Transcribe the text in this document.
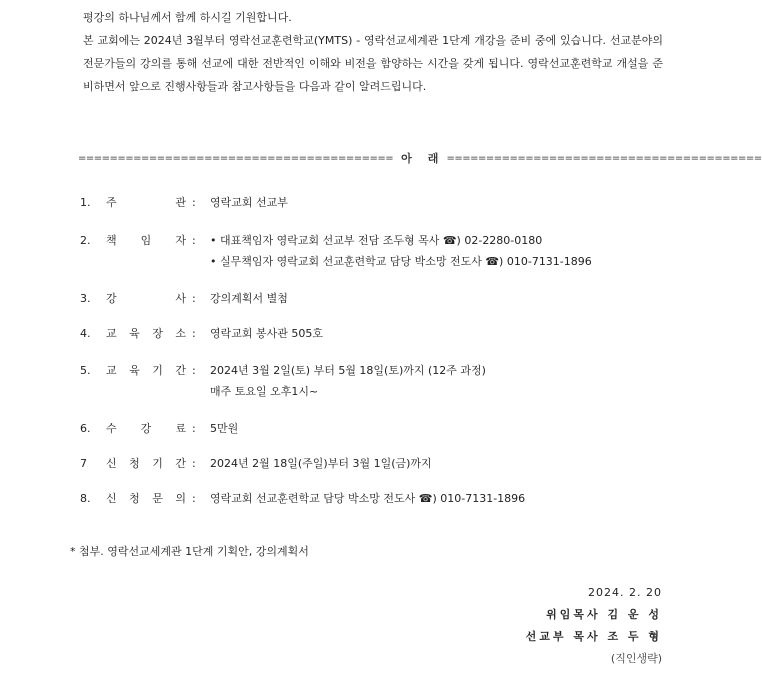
평강의 하나님께서 함께 하시길 기원합니다.

본 교회에는 2024년 3월부터 영락선교훈련학교(YMTS) - 영락선교세계관 1단계 개강을 준비 중에 있습니다. 선교분야의 전문가들의 강의를 통해 선교에 대한 전반적인 이해와 비전을 함양하는 시간을 갖게 됩니다. 영락선교훈련학교 개설을 준비하면서 앞으로 진행사항들과 참고사항들을 다음과 같이 알려드립니다.

======================================== 아 래 ========================================
1.	주	관 :	영락교회 선교부
2.	책 임 자 :	• 대표책임자 영락교회 선교부 전담 조두형 목사 ☎) 02-2280-0180
• 실무책임자 영락교회 선교훈련학교 담당 박소망 전도사 ☎) 010-7131-1896
3.	강	사 :	강의계획서 별첨
4.	교 육 장 소 :	영락교회 봉사관 505호
5.	교 육 기 간 :	2024년 3월 2일(토) 부터 5월 18일(토)까지 (12주 과정)
매주 토요일 오후1시~
6.	수 강 료 :	5만원
7	신 청 기 간 :	2024년 2월 18일(주일)부터 3월 1일(금)까지
8.	신 청 문 의 :	영락교회 선교훈련학교 담당 박소망 전도사 ☎) 010-7131-1896
* 첨부. 영락선교세계관 1단계 기획안, 강의계획서
2024. 2. 20
위임목사 김 운 성
선교부 목사 조 두 형
(직인생략)
